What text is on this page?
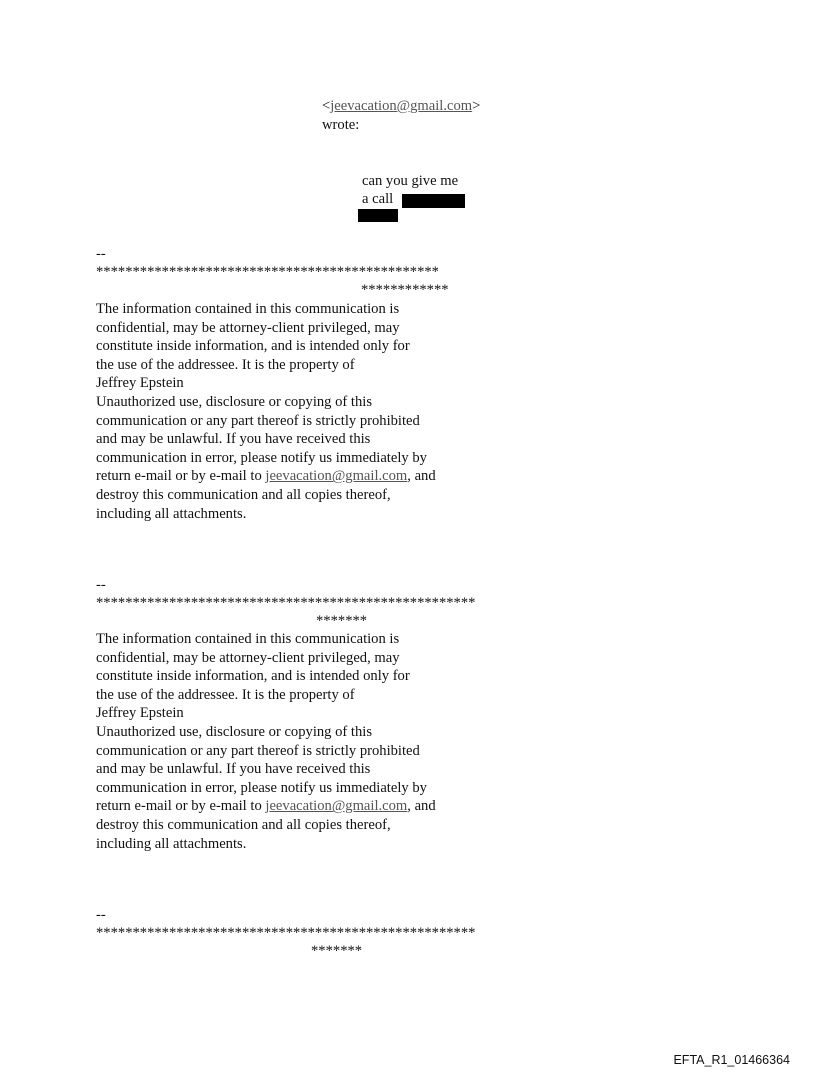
<jeevacation@gmail.com>
wrote:
can you give me
a call
--
***********************************************
************
The information contained in this communication is
confidential, may be attorney-client privileged, may
constitute inside information, and is intended only for
the use of the addressee. It is the property of
Jeffrey Epstein
Unauthorized use, disclosure or copying of this
communication or any part thereof is strictly prohibited
and may be unlawful. If you have received this
communication in error, please notify us immediately by
return e-mail or by e-mail to jeevacation@gmail.com, and
destroy this communication and all copies thereof,
including all attachments.
--
****************************************************
*******
The information contained in this communication is
confidential, may be attorney-client privileged, may
constitute inside information, and is intended only for
the use of the addressee. It is the property of
Jeffrey Epstein
Unauthorized use, disclosure or copying of this
communication or any part thereof is strictly prohibited
and may be unlawful. If you have received this
communication in error, please notify us immediately by
return e-mail or by e-mail to jeevacation@gmail.com, and
destroy this communication and all copies thereof,
including all attachments.
--
****************************************************
*******
EFTA_R1_01466364
